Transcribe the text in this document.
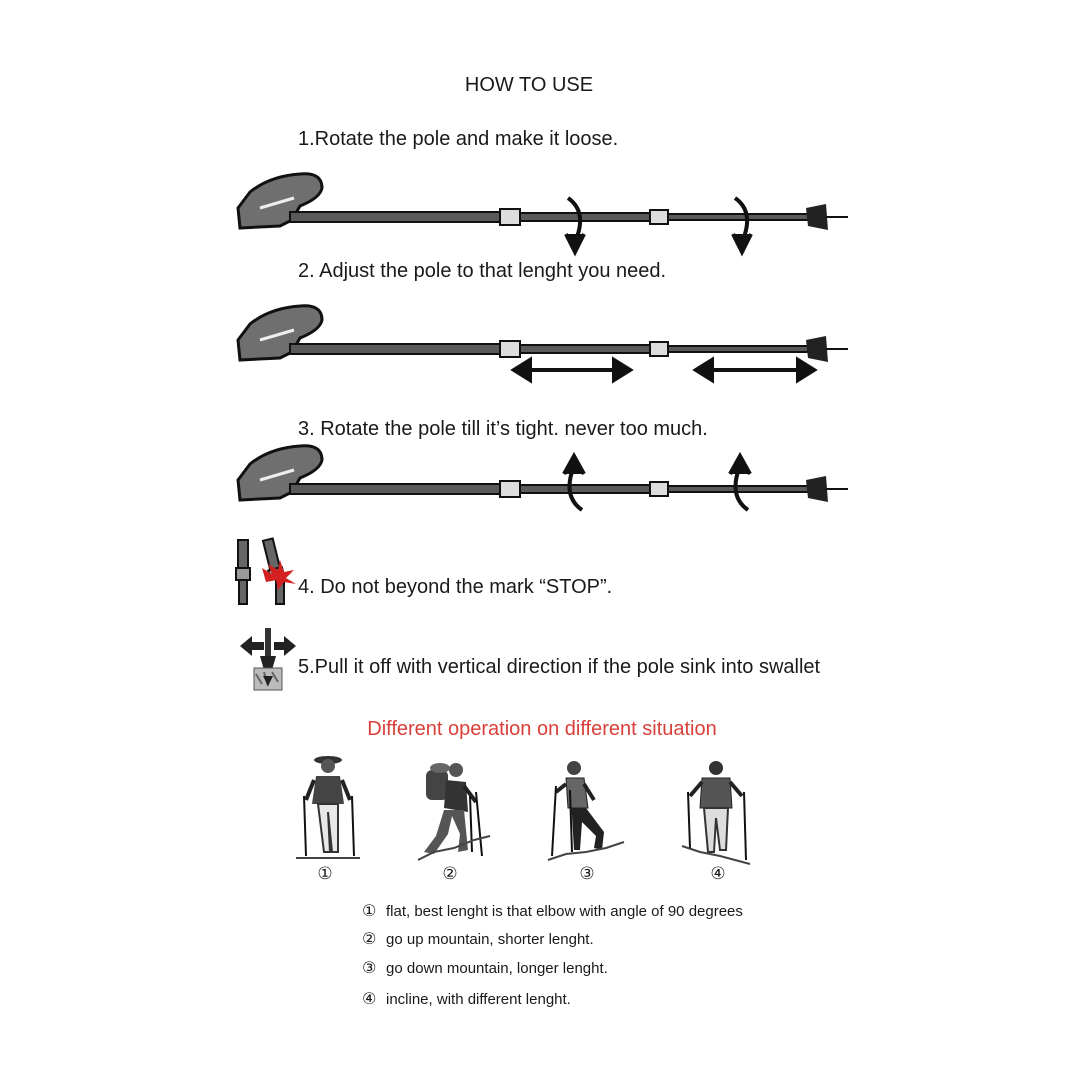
HOW TO USE
1.Rotate the pole and make it loose.
2. Adjust the pole to that lenght you need.
3. Rotate the pole till it’s tight. never too much.
4. Do not beyond the mark “STOP”.
5.Pull it off with vertical direction if the pole sink into swallet
Different operation on different situation
①	②	③	④
① flat, best lenght is that elbow with angle of 90 degrees
② go up mountain, shorter lenght.
③ go down mountain, longer lenght.
④ incline, with different lenght.
